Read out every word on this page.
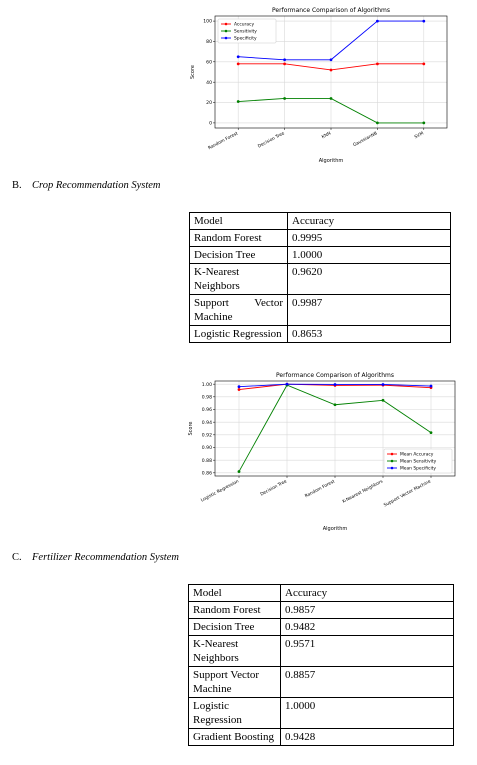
0
20
40
60
80
100
Random Forest	Decision Tree	KNN	GaussianNB	SVM
Performance Comparison of Algorithms
Algorithm
Score
Accuracy
Sensitivity
Specificity
B. Crop Recommendation System
Model	Accuracy
Random Forest	0.9995
Decision Tree	1.0000
K-Nearest Neighbors	0.9620
Support Vector Machine	0.9987
Logistic Regression	0.8653
0.86
0.88
0.90
0.92
0.94
0.96
0.98
1.00
Logistic Regression	Decision Tree	Random Forest K-Nearest Neighbors Support Vector Machine
Performance Comparison of Algorithms
Algorithm
Score
Mean Accuracy
Mean Sensitivity
Mean Specificity
C. Fertilizer Recommendation System
Model	Accuracy
Random Forest	0.9857
Decision Tree	0.9482
K-Nearest Neighbors	0.9571
Support Vector Machine	0.8857
Logistic Regression	1.0000
Gradient Boosting	0.9428
